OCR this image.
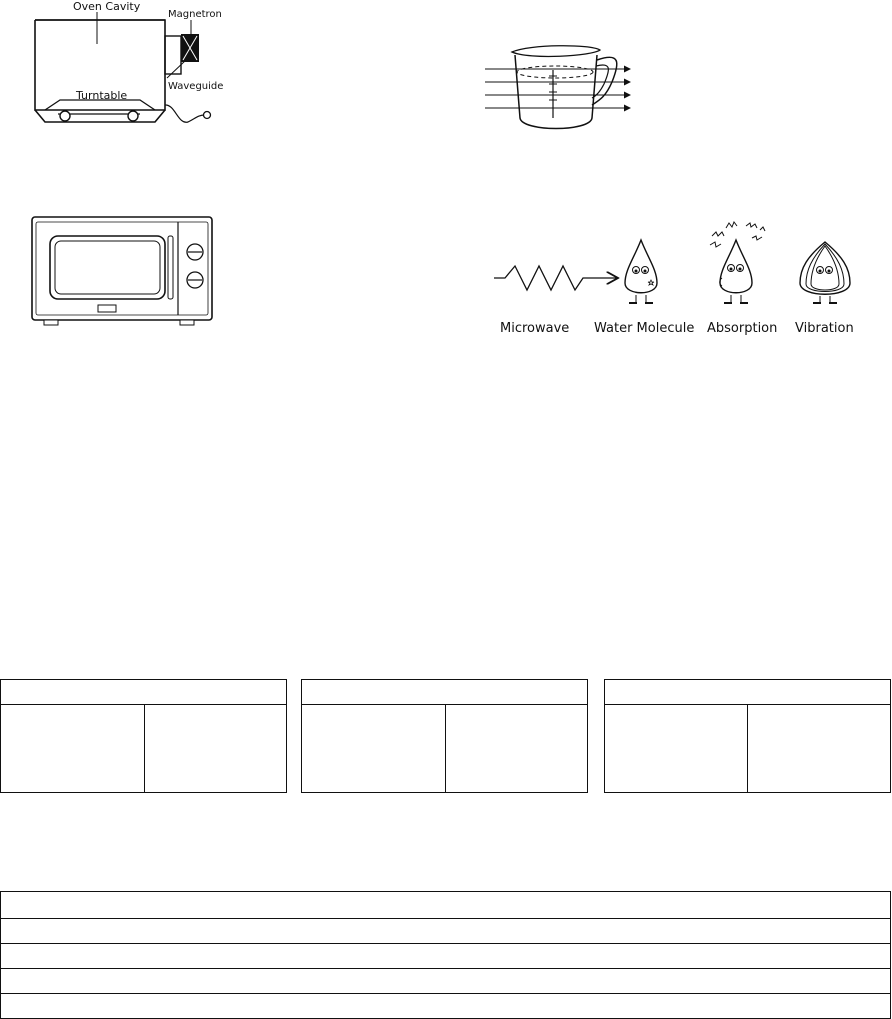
Oven Cavity
Magnetron
Waveguide
Turntable
Microwave Water Molecule Absorption Vibration
